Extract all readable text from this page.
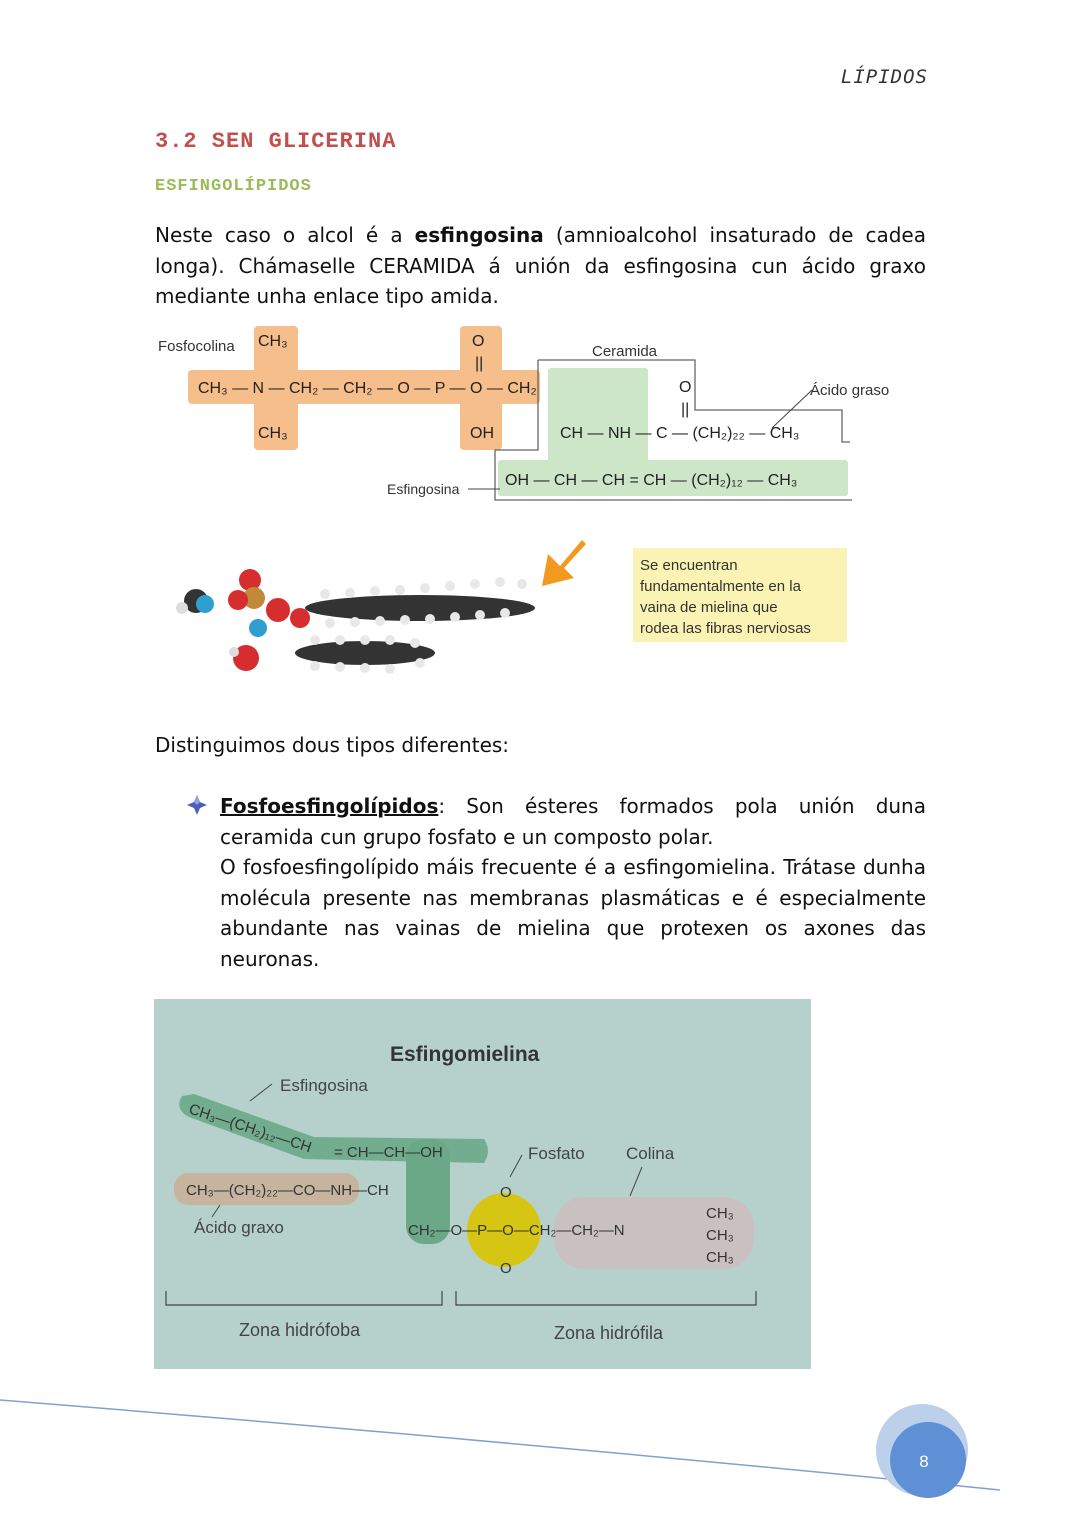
LÍPIDOS
3.2 SEN GLICERINA
ESFINGOLÍPIDOS
Neste caso o alcol é a esfingosina (amnioalcohol insaturado de cadea longa). Chámaselle CERAMIDA á unión da esfingosina cun ácido graxo mediante unha enlace tipo amida.
Fosfocolina	Ceramida
Ácido graso
Esfingosina
CH₃
CH₃ — N — CH₂ — CH₂ — O — P — O — CH₂
CH₃
O
||
OH	CH — NH — C — (CH₂)₂₂ — CH₃
O
||
OH — CH — CH = CH — (CH₂)₁₂ — CH₃
Se encuentran
fundamentalmente en la
vaina de mielina que
rodea las fibras nerviosas
Distinguimos dous tipos diferentes:
Fosfoesfingolípidos: Son ésteres formados pola unión duna ceramida cun grupo fosfato e un composto polar.
O fosfoesfingolípido máis frecuente é a esfingomielina. Trátase dunha molécula presente nas membranas plasmáticas e é especialmente abundante nas vainas de mielina que protexen os axones das neuronas.
Esfingomielina
Esfingosina
Fosfato Colina
Ácido graxo
CH₃—(CH₂)₁₂—CH = CH—CH—OH
CH₃—(CH₂)₂₂—CO—NH—CH
CH₂—O—P—O—CH₂—CH₂—N
O
O
CH₃
CH₃
CH₃
Zona hidrófoba	Zona hidrófila
8
